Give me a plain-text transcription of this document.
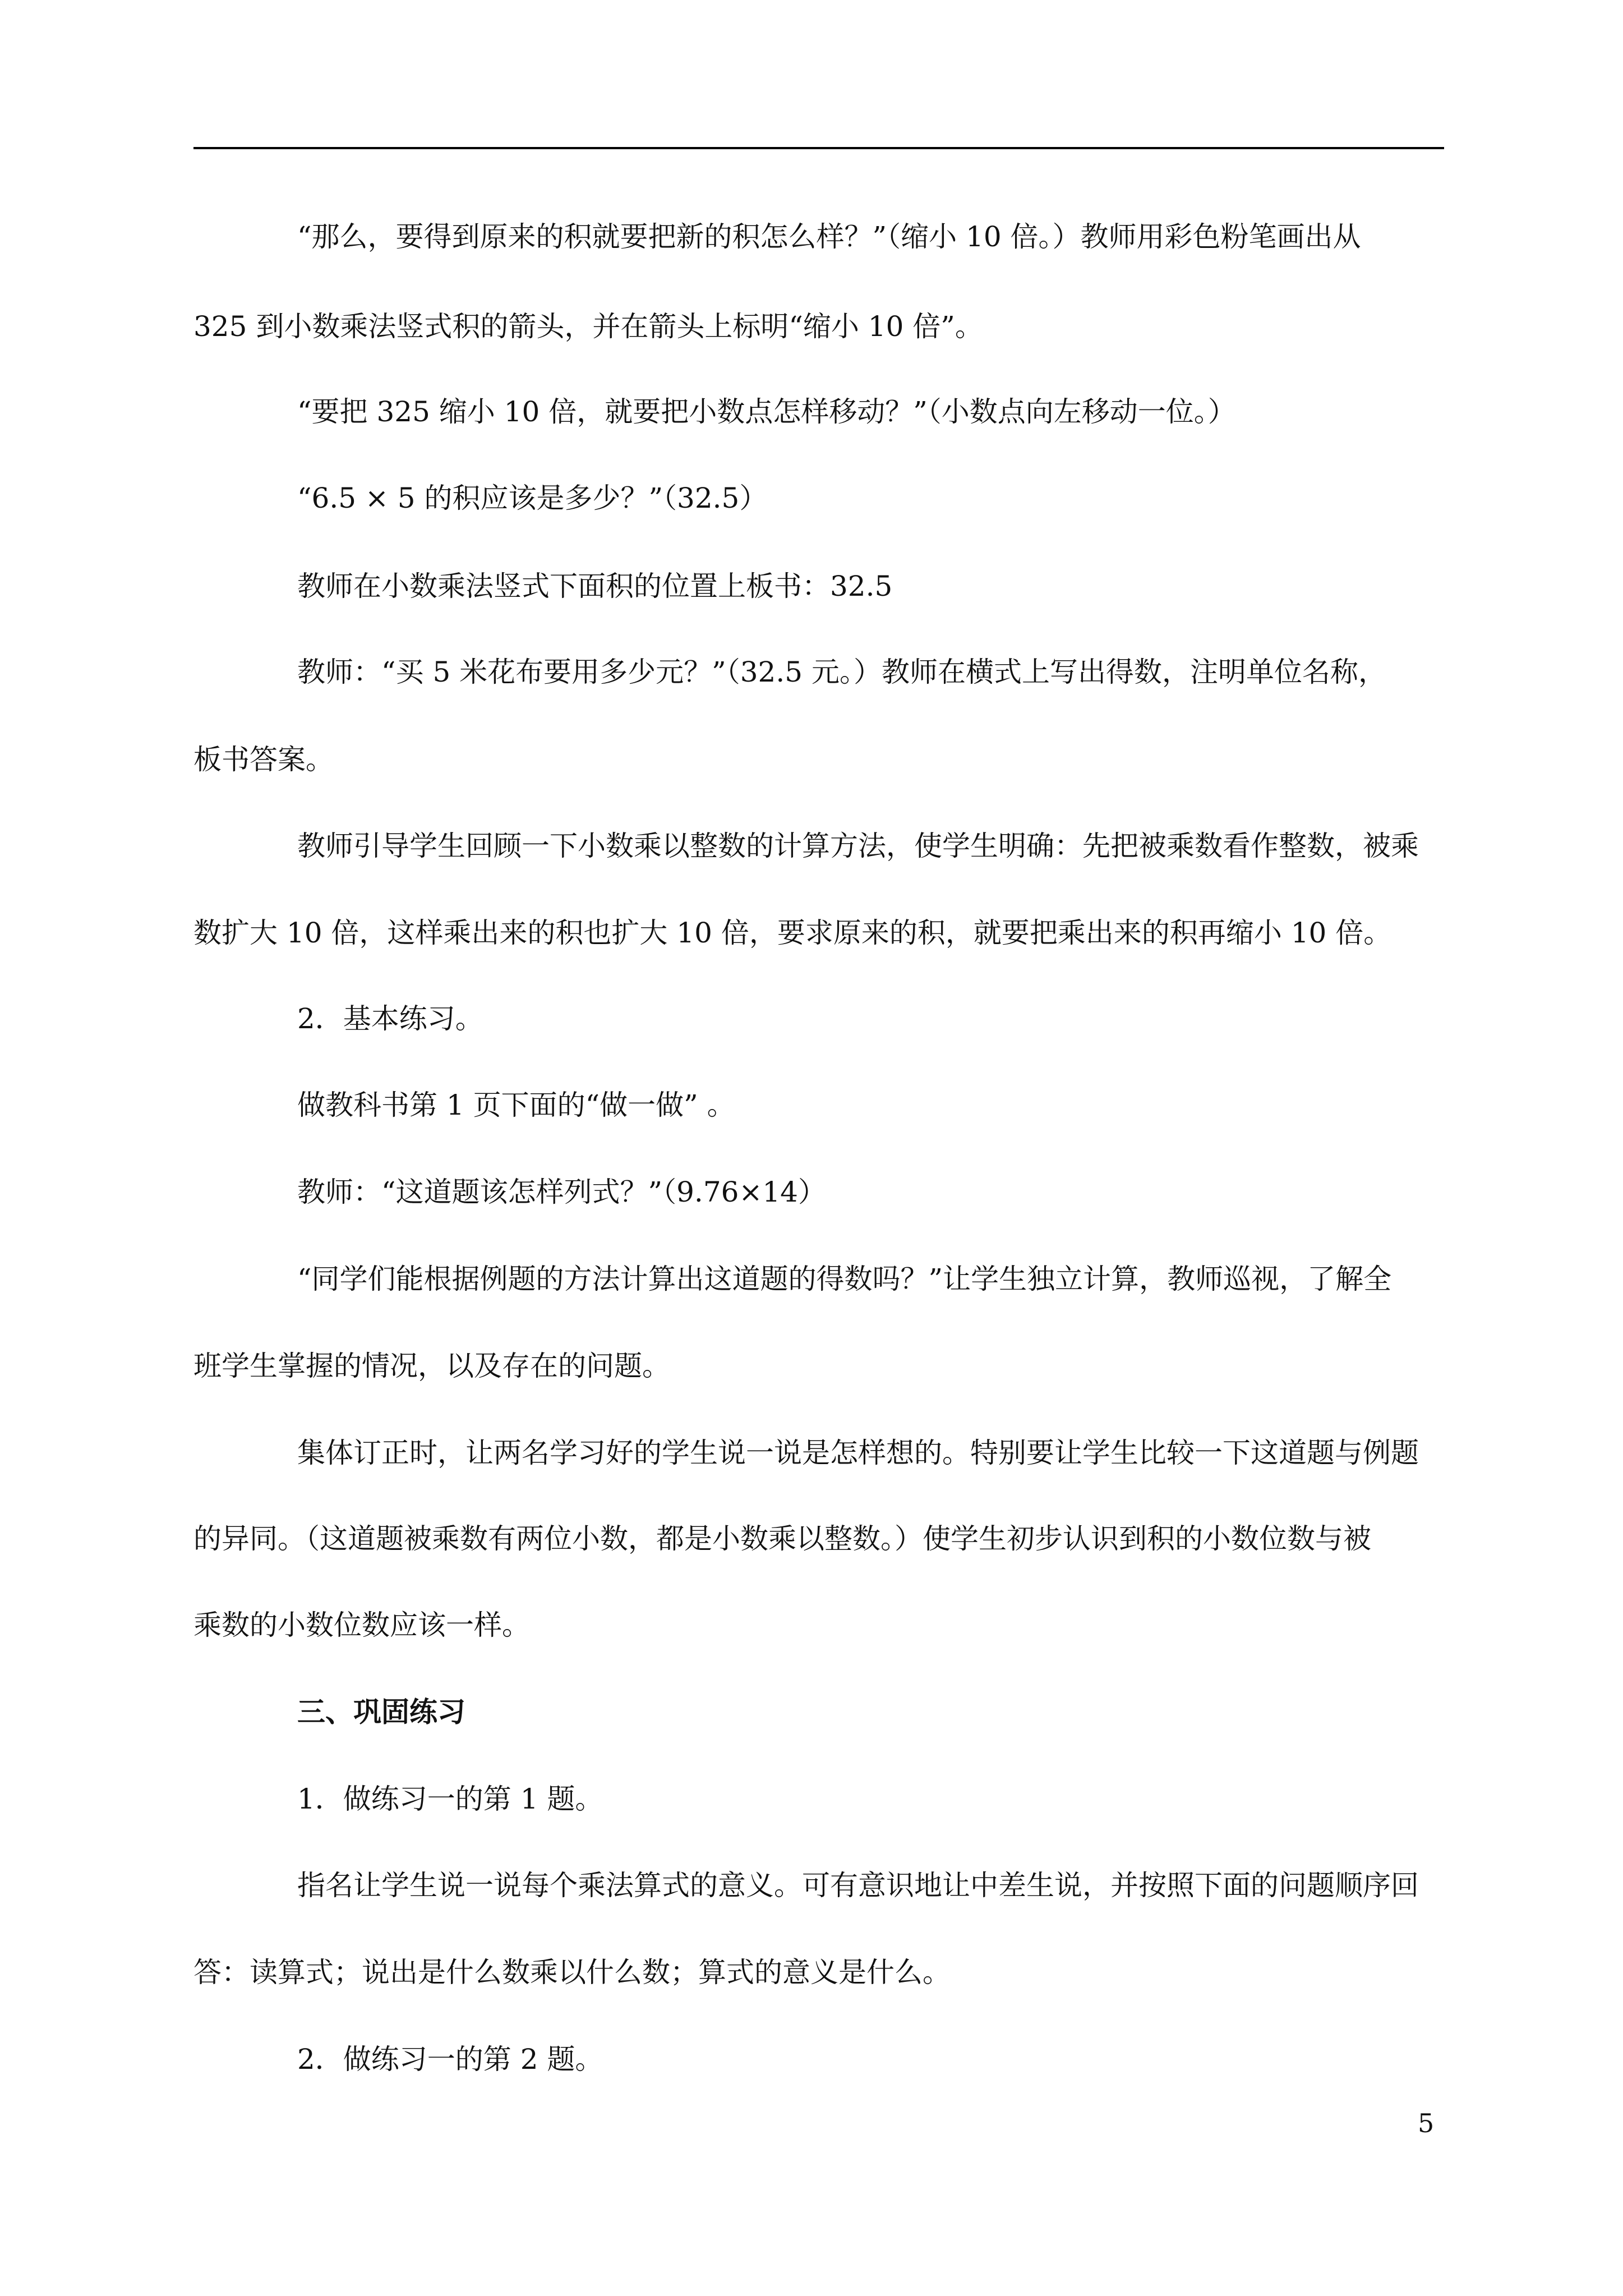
“那么，要得到原来的积就要把新的积怎么样？”（缩小 10 倍。）教师用彩色粉笔画出从
325 到小数乘法竖式积的箭头，并在箭头上标明“缩小 10 倍”。
“要把 325 缩小 10 倍，就要把小数点怎样移动？”（小数点向左移动一位。）
“6.5 × 5 的积应该是多少？”（32.5）
教师在小数乘法竖式下面积的位置上板书：32.5
教师：“买 5 米花布要用多少元？”（32.5 元。）教师在横式上写出得数，注明单位名称，
板书答案。
教师引导学生回顾一下小数乘以整数的计算方法，使学生明确：先把被乘数看作整数，被乘
数扩大 10 倍，这样乘出来的积也扩大 10 倍，要求原来的积，就要把乘出来的积再缩小 10 倍。
2．基本练习。
做教科书第 1 页下面的“做一做” 。
教师：“这道题该怎样列式？”（9.76×14）
“同学们能根据例题的方法计算出这道题的得数吗？”让学生独立计算，教师巡视，了解全
班学生掌握的情况，以及存在的问题。
集体订正时，让两名学习好的学生说一说是怎样想的。特别要让学生比较一下这道题与例题
的异同。（这道题被乘数有两位小数，都是小数乘以整数。）使学生初步认识到积的小数位数与被
乘数的小数位数应该一样。
三、巩固练习
1．做练习一的第 1 题。
指名让学生说一说每个乘法算式的意义。可有意识地让中差生说，并按照下面的问题顺序回
答：读算式；说出是什么数乘以什么数；算式的意义是什么。
2．做练习一的第 2 题。
5
